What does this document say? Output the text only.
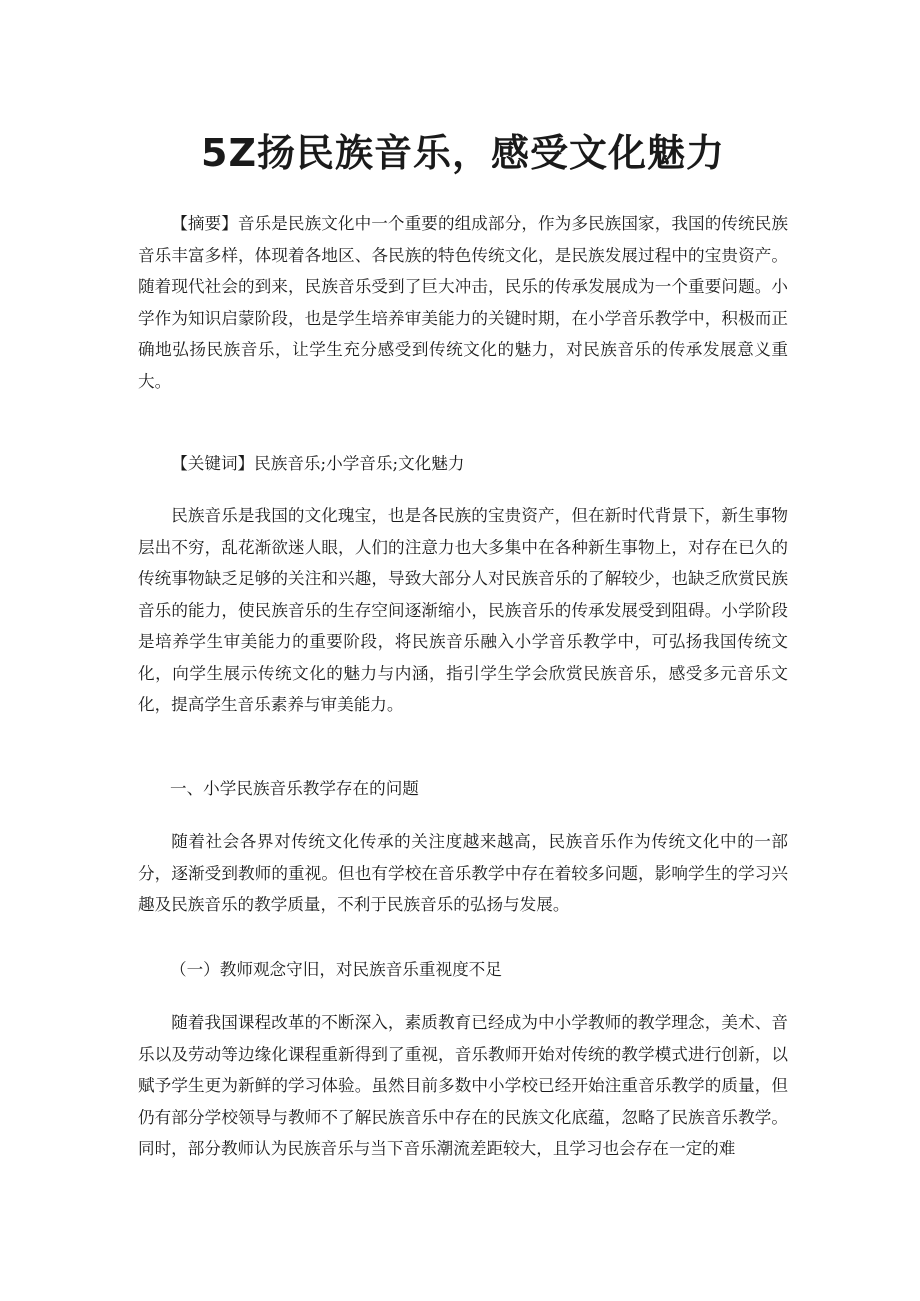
5Z扬民族音乐，感受文化魅力

【摘要】音乐是民族文化中一个重要的组成部分，作为多民族国家，我国的传统民族音乐丰富多样，体现着各地区、各民族的特色传统文化，是民族发展过程中的宝贵资产。随着现代社会的到来，民族音乐受到了巨大冲击，民乐的传承发展成为一个重要问题。小学作为知识启蒙阶段，也是学生培养审美能力的关键时期，在小学音乐教学中，积极而正确地弘扬民族音乐，让学生充分感受到传统文化的魅力，对民族音乐的传承发展意义重大。

【关键词】民族音乐;小学音乐;文化魅力

民族音乐是我国的文化瑰宝，也是各民族的宝贵资产，但在新时代背景下，新生事物层出不穷，乱花渐欲迷人眼，人们的注意力也大多集中在各种新生事物上，对存在已久的传统事物缺乏足够的关注和兴趣，导致大部分人对民族音乐的了解较少，也缺乏欣赏民族音乐的能力，使民族音乐的生存空间逐渐缩小，民族音乐的传承发展受到阻碍。小学阶段是培养学生审美能力的重要阶段，将民族音乐融入小学音乐教学中，可弘扬我国传统文化，向学生展示传统文化的魅力与内涵，指引学生学会欣赏民族音乐，感受多元音乐文化，提高学生音乐素养与审美能力。

一、小学民族音乐教学存在的问题

随着社会各界对传统文化传承的关注度越来越高，民族音乐作为传统文化中的一部分，逐渐受到教师的重视。但也有学校在音乐教学中存在着较多问题，影响学生的学习兴趣及民族音乐的教学质量，不利于民族音乐的弘扬与发展。

（一）教师观念守旧，对民族音乐重视度不足

随着我国课程改革的不断深入，素质教育已经成为中小学教师的教学理念，美术、音乐以及劳动等边缘化课程重新得到了重视，音乐教师开始对传统的教学模式进行创新，以赋予学生更为新鲜的学习体验。虽然目前多数中小学校已经开始注重音乐教学的质量，但仍有部分学校领导与教师不了解民族音乐中存在的民族文化底蕴，忽略了民族音乐教学。同时，部分教师认为民族音乐与当下音乐潮流差距较大，且学习也会存在一定的难
